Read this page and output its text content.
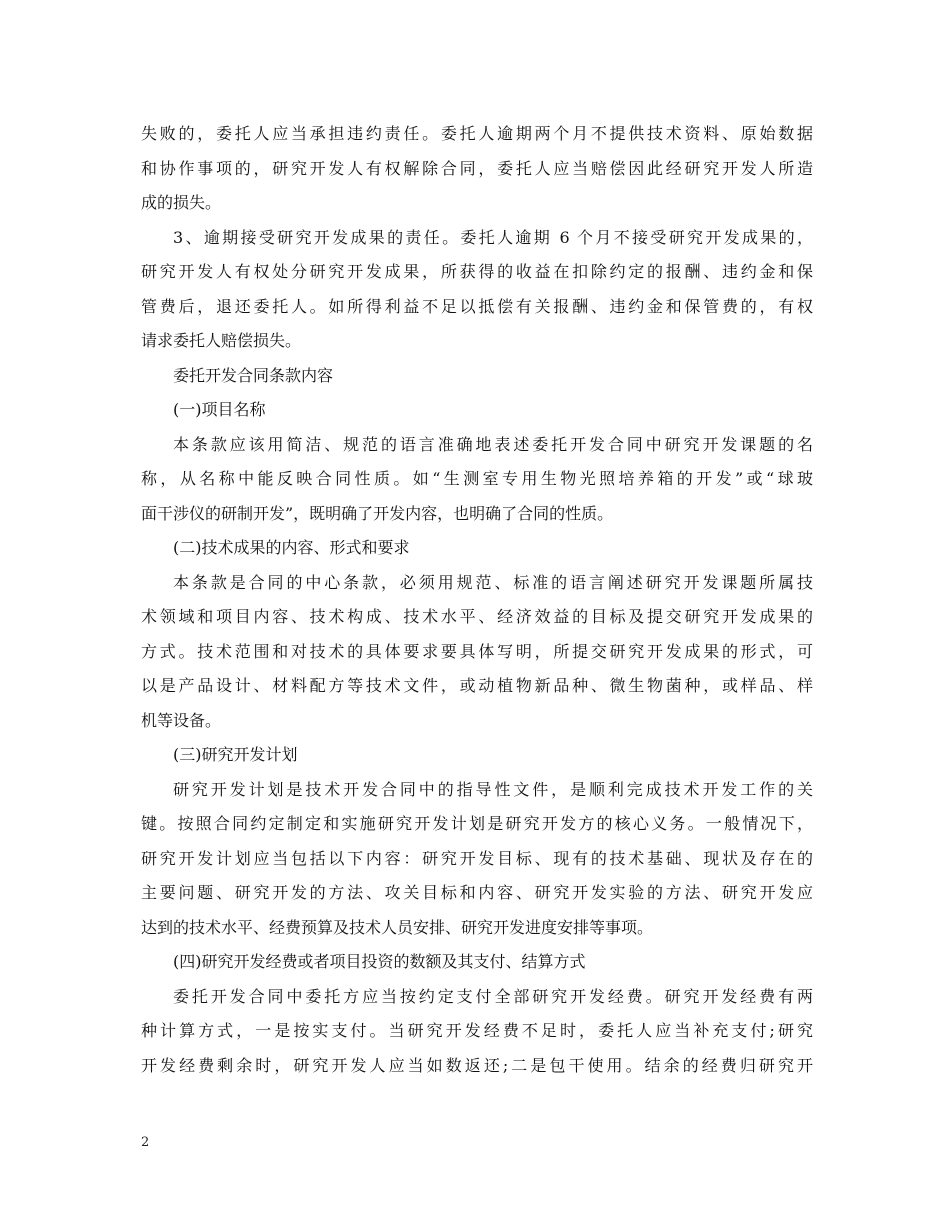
失败的，委托人应当承担违约责任。委托人逾期两个月不提供技术资料、原始数据
和协作事项的，研究开发人有权解除合同，委托人应当赔偿因此经研究开发人所造
成的损失。
3、逾期接受研究开发成果的责任。委托人逾期 6 个月不接受研究开发成果的，
研究开发人有权处分研究开发成果，所获得的收益在扣除约定的报酬、违约金和保
管费后，退还委托人。如所得利益不足以抵偿有关报酬、违约金和保管费的，有权
请求委托人赔偿损失。
委托开发合同条款内容
(一)项目名称
本条款应该用简洁、规范的语言准确地表述委托开发合同中研究开发课题的名
称，从名称中能反映合同性质。如“生测室专用生物光照培养箱的开发”或“球玻
面干涉仪的研制开发”，既明确了开发内容，也明确了合同的性质。
(二)技术成果的内容、形式和要求
本条款是合同的中心条款，必须用规范、标准的语言阐述研究开发课题所属技
术领域和项目内容、技术构成、技术水平、经济效益的目标及提交研究开发成果的
方式。技术范围和对技术的具体要求要具体写明，所提交研究开发成果的形式，可
以是产品设计、材料配方等技术文件，或动植物新品种、微生物菌种，或样品、样
机等设备。
(三)研究开发计划
研究开发计划是技术开发合同中的指导性文件，是顺利完成技术开发工作的关
键。按照合同约定制定和实施研究开发计划是研究开发方的核心义务。一般情况下，
研究开发计划应当包括以下内容：研究开发目标、现有的技术基础、现状及存在的
主要问题、研究开发的方法、攻关目标和内容、研究开发实验的方法、研究开发应
达到的技术水平、经费预算及技术人员安排、研究开发进度安排等事项。
(四)研究开发经费或者项目投资的数额及其支付、结算方式
委托开发合同中委托方应当按约定支付全部研究开发经费。研究开发经费有两
种计算方式，一是按实支付。当研究开发经费不足时，委托人应当补充支付;研究
开发经费剩余时，研究开发人应当如数返还;二是包干使用。结余的经费归研究开
2
